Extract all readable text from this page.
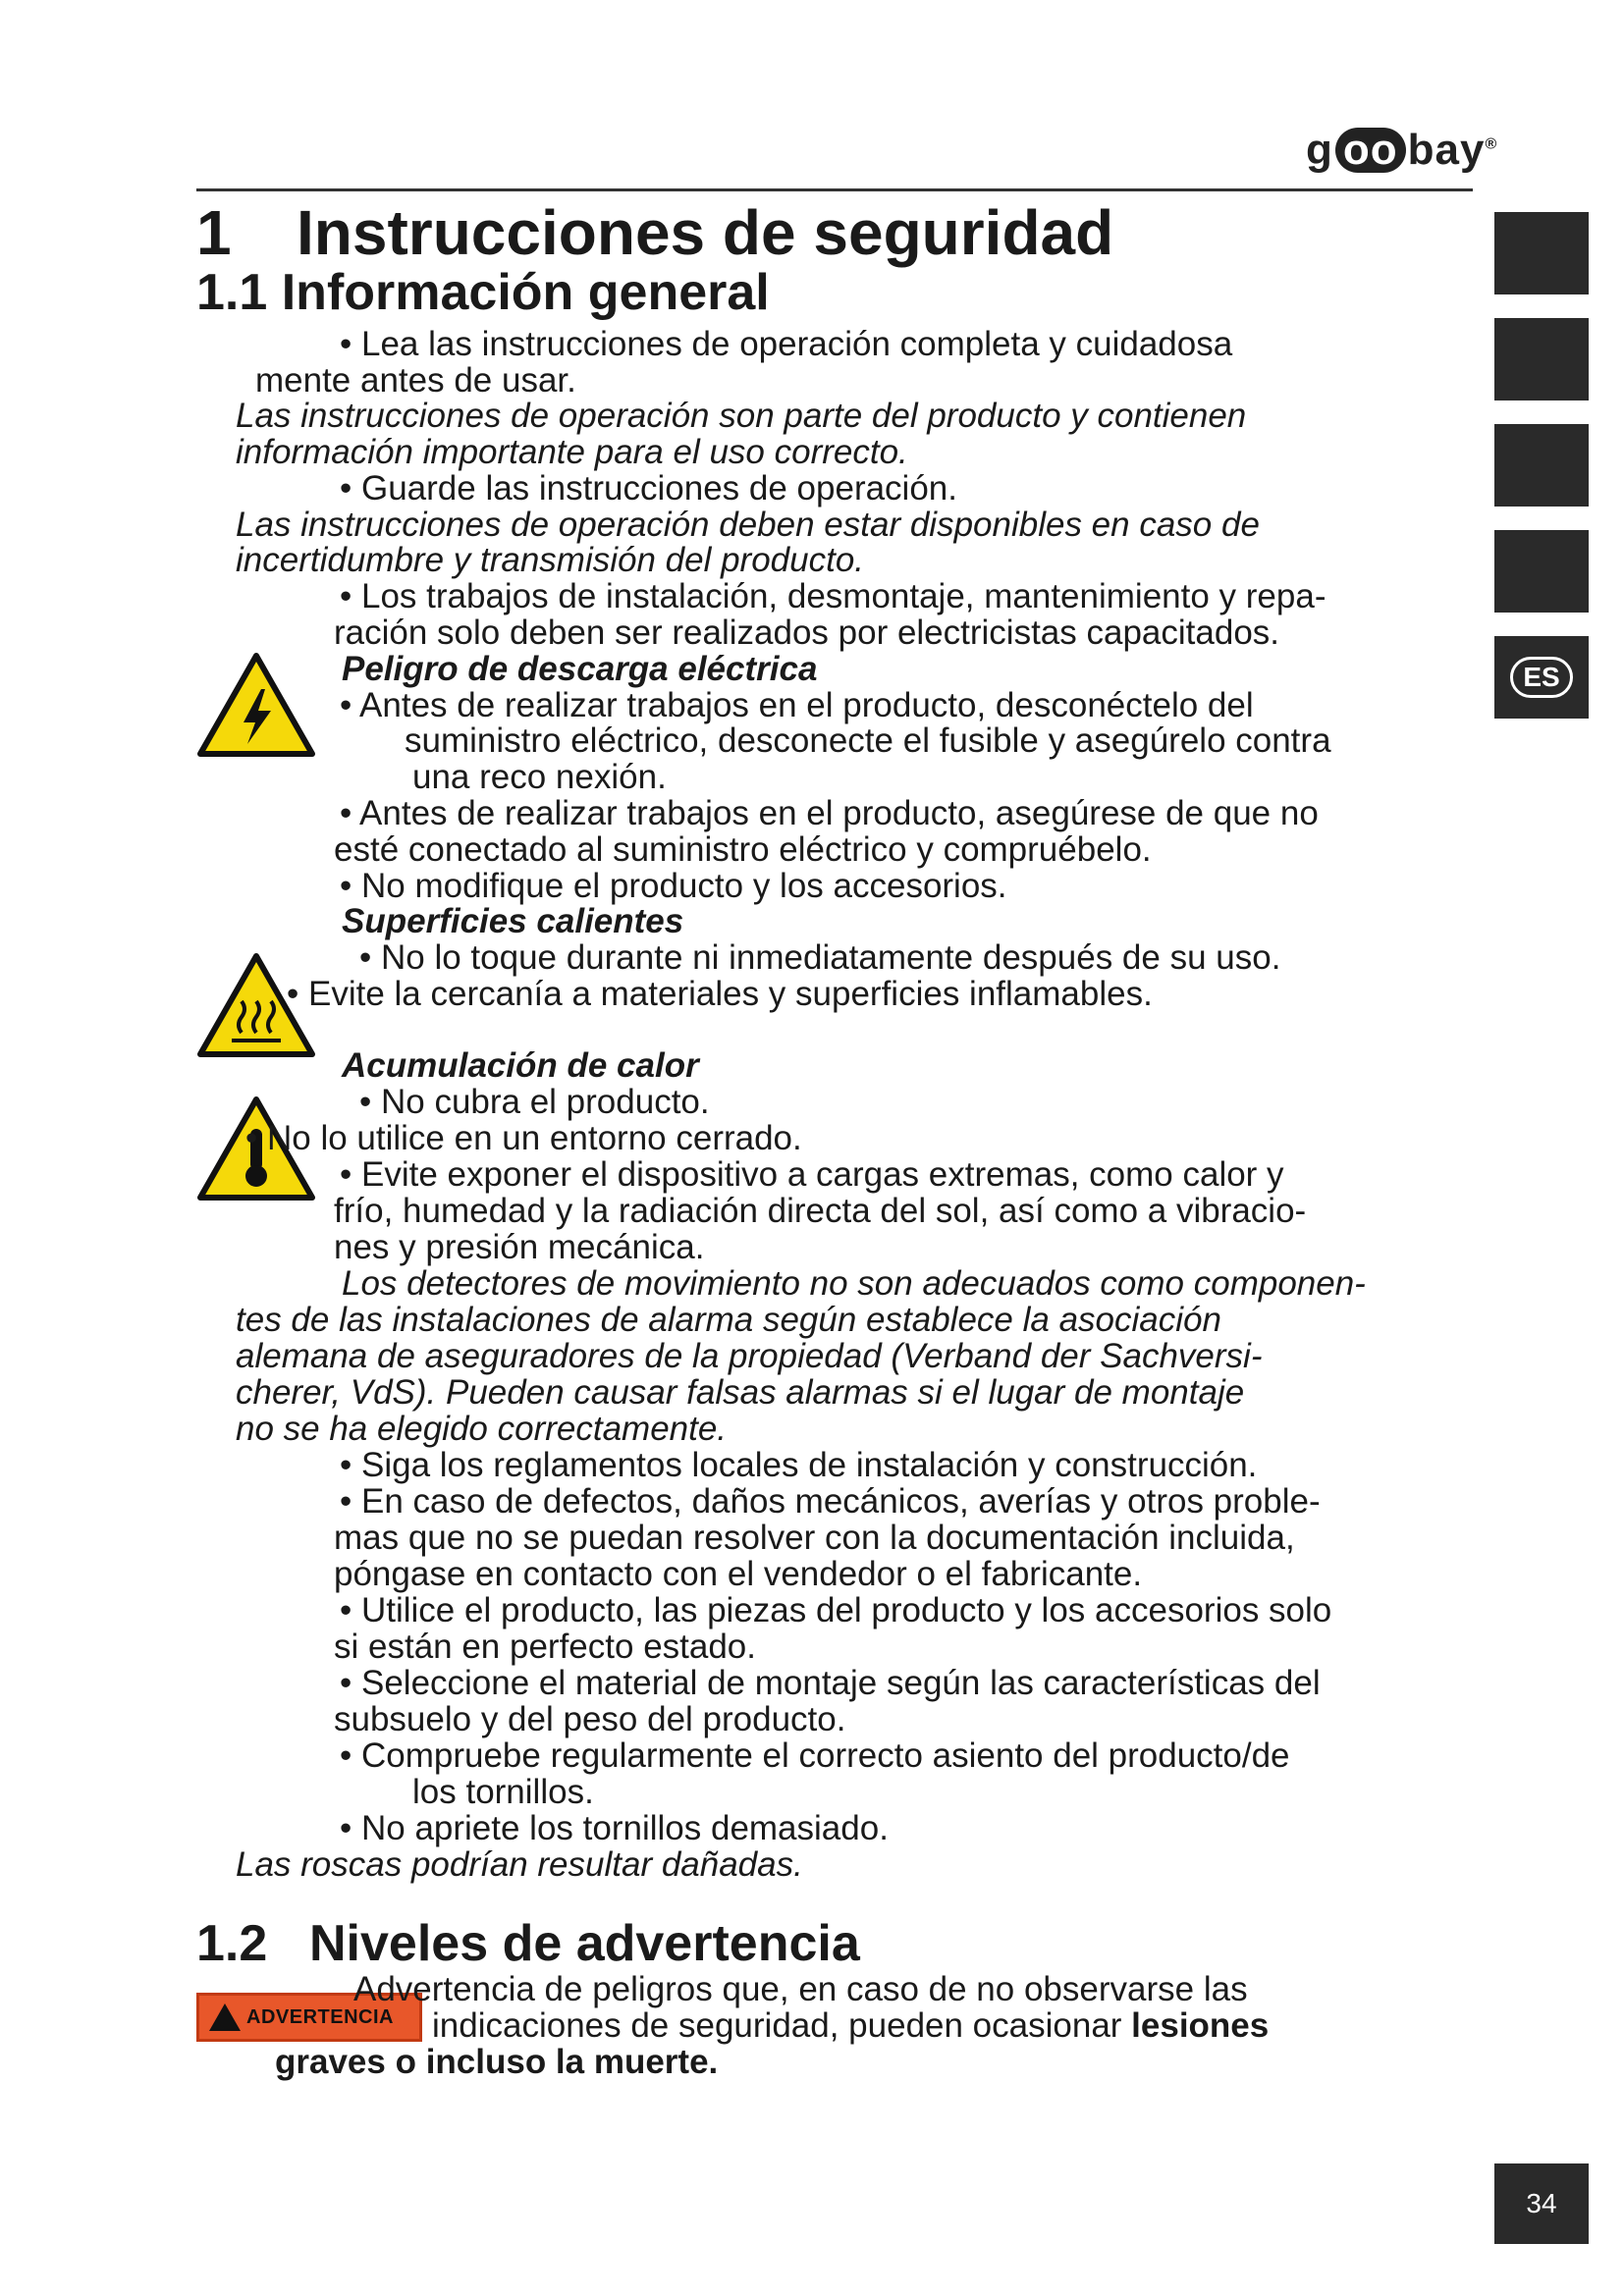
g oo bay®
1 Instrucciones de seguridad
1.1 Información general
ES
• Lea las instrucciones de operación completa y cuidadosa
mente antes de usar.
Las instrucciones de operación son parte del producto y contienen
información importante para el uso correcto.
• Guarde las instrucciones de operación.
Las instrucciones de operación deben estar disponibles en caso de
incertidumbre y transmisión del producto.
• Los trabajos de instalación, desmontaje, mantenimiento y repa-
ración solo deben ser realizados por electricistas capacitados.
Peligro de descarga eléctrica
• Antes de realizar trabajos en el producto, desconéctelo del
suministro eléctrico, desconecte el fusible y asegúrelo contra
una reco nexión.
• Antes de realizar trabajos en el producto, asegúrese de que no
esté conectado al suministro eléctrico y compruébelo.
• No modifique el producto y los accesorios.
Superficies calientes
• No lo toque durante ni inmediatamente después de su uso.
• Evite la cercanía a materiales y superficies inflamables.
Acumulación de calor
• No cubra el producto.
• No lo utilice en un entorno cerrado.
• Evite exponer el dispositivo a cargas extremas, como calor y
frío, humedad y la radiación directa del sol, así como a vibracio-
nes y presión mecánica.
Los detectores de movimiento no son adecuados como componen-
tes de las instalaciones de alarma según establece la asociación
alemana de aseguradores de la propiedad (Verband der Sachversi-
cherer, VdS). Pueden causar falsas alarmas si el lugar de montaje
no se ha elegido correctamente.
• Siga los reglamentos locales de instalación y construcción.
• En caso de defectos, daños mecánicos, averías y otros proble-
mas que no se puedan resolver con la documentación incluida,
póngase en contacto con el vendedor o el fabricante.
• Utilice el producto, las piezas del producto y los accesorios solo
si están en perfecto estado.
• Seleccione el material de montaje según las características del
subsuelo y del peso del producto.
• Compruebe regularmente el correcto asiento del producto/de
los tornillos.
• No apriete los tornillos demasiado.
Las roscas podrían resultar dañadas.
1.2 Niveles de advertencia
ADVERTENCIA
Advertencia de peligros que, en caso de no observarse las
indicaciones de seguridad, pueden ocasionar lesiones
graves o incluso la muerte.
34
